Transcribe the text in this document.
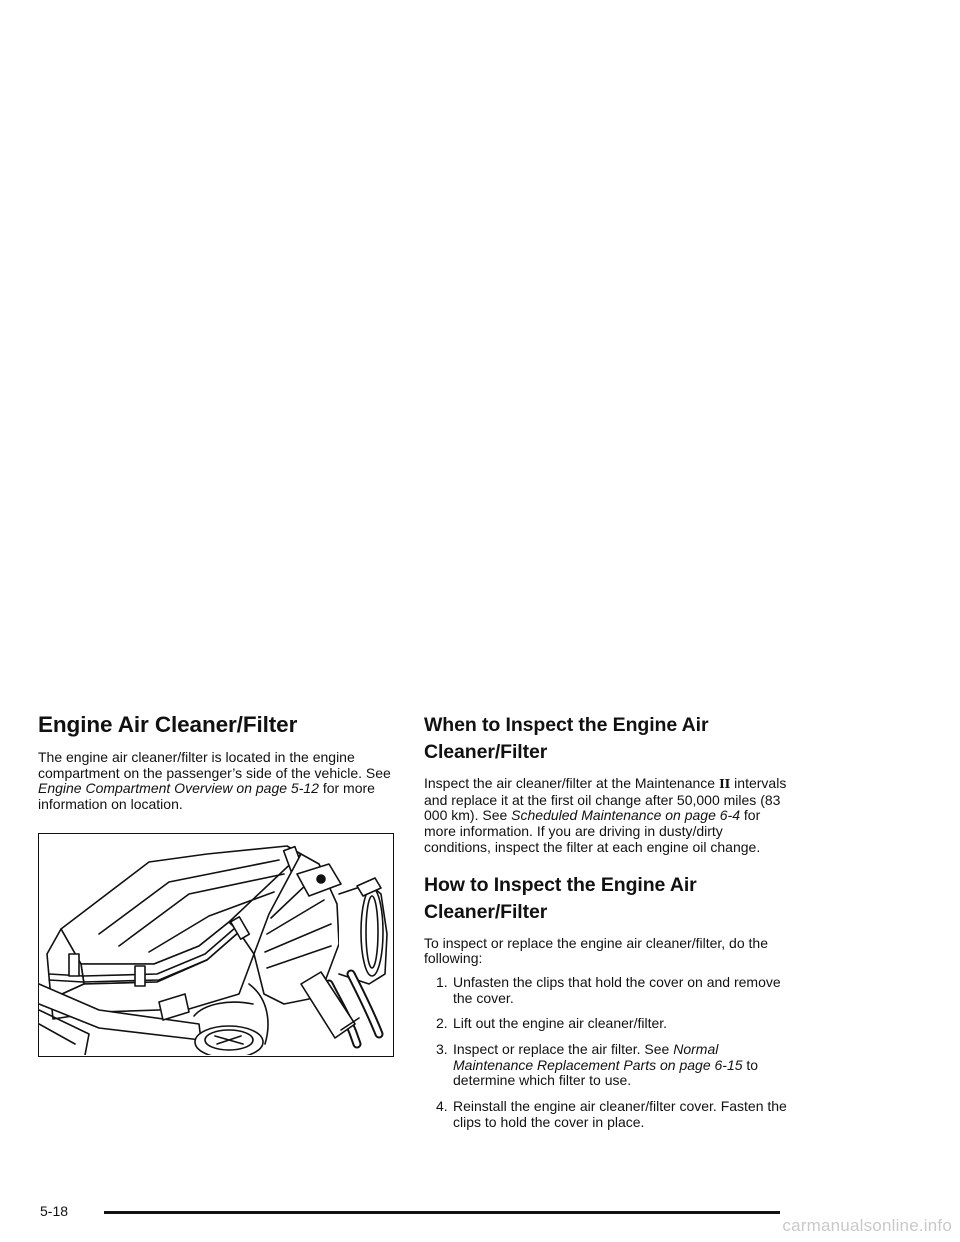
Engine Air Cleaner/Filter

The engine air cleaner/filter is located in the engine compartment on the passenger’s side of the vehicle. See Engine Compartment Overview on page 5-12 for more information on location.

When to Inspect the Engine Air
Cleaner/Filter

Inspect the air cleaner/filter at the Maintenance II intervals and replace it at the first oil change after 50,000 miles (83 000 km). See Scheduled Maintenance on page 6-4 for more information. If you are driving in dusty/dirty conditions, inspect the filter at each engine oil change.

How to Inspect the Engine Air
Cleaner/Filter

To inspect or replace the engine air cleaner/filter, do the following:

1. Unfasten the clips that hold the cover on and remove the cover.
2. Lift out the engine air cleaner/filter.
3. Inspect or replace the air filter. See Normal Maintenance Replacement Parts on page 6-15 to determine which filter to use.
4. Reinstall the engine air cleaner/filter cover. Fasten the clips to hold the cover in place.
5-18
carmanualsonline.info
